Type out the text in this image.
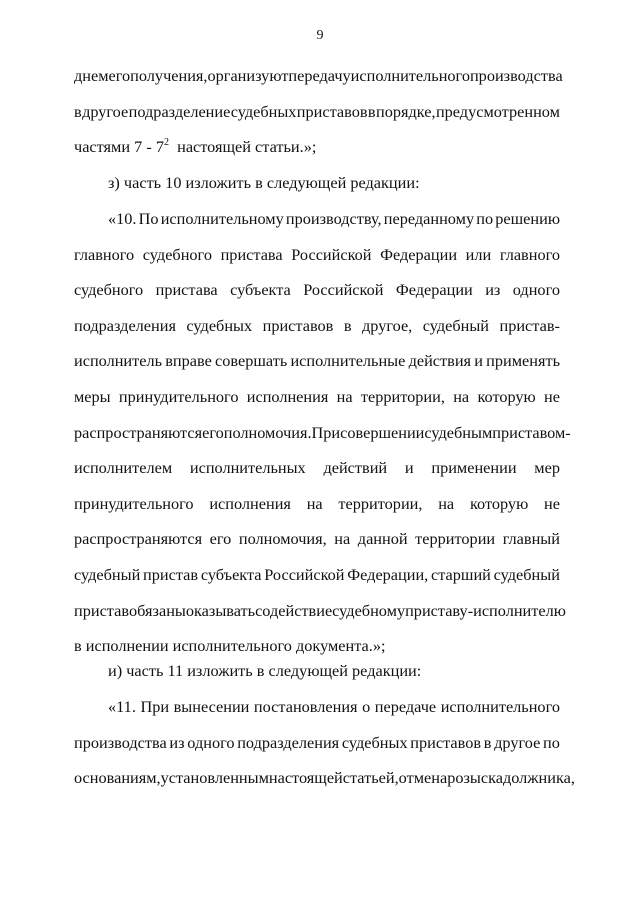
9
днем его получения, организуют передачу исполнительного производства
в другое подразделение судебных приставов в порядке, предусмотренном
частями $7 - 7^2$  настоящей статьи.»;
з) часть 10 изложить в следующей редакции:
«10. По исполнительному производству, переданному по решению
главного судебного пристава Российской Федерации или главного
судебного пристава субъекта Российской Федерации из одного
подразделения судебных приставов в другое, судебный пристав-
исполнитель вправе совершать исполнительные действия и применять
меры принудительного исполнения на территории, на которую не
распространяются его полномочия. При совершении судебным приставом-
исполнителем исполнительных действий и применении мер
принудительного исполнения на территории, на которую не
распространяются его полномочия, на данной территории главный
судебный пристав субъекта Российской Федерации, старший судебный
пристав обязаны оказывать содействие судебному приставу-исполнителю
в исполнении исполнительного документа.»;
и) часть 11 изложить в следующей редакции:
«11. При вынесении постановления о передаче исполнительного
производства из одного подразделения судебных приставов в другое по
основаниям, установленным настоящей статьей, отмена розыска должника,
